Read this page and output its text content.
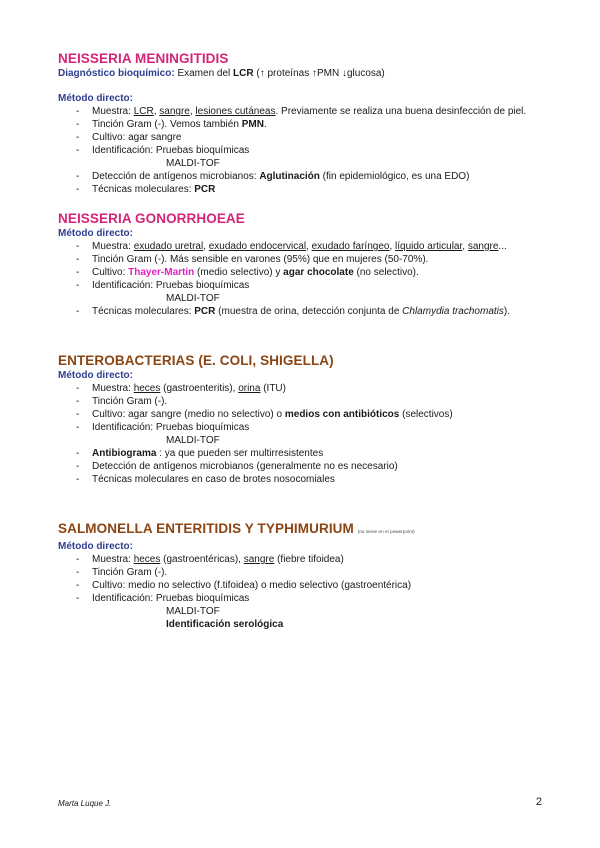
NEISSERIA MENINGITIDIS

Diagnóstico bioquímico: Examen del LCR (↑ proteínas ↑PMN ↓glucosa)

Método directo:

- Muestra: LCR, sangre, lesiones cutáneas. Previamente se realiza una buena desinfección de piel.
- Tinción Gram (-). Vemos también PMN.
- Cultivo: agar sangre
- Identificación: Pruebas bioquímicas
MALDI-TOF
- Detección de antígenos microbianos: Aglutinación (fin epidemiológico, es una EDO)
- Técnicas moleculares: PCR

NEISSERIA GONORRHOEAE

Método directo:

- Muestra: exudado uretral, exudado endocervical, exudado faríngeo, líquido articular, sangre...
- Tinción Gram (-). Más sensible en varones (95%) que en mujeres (50-70%).
- Cultivo: Thayer-Martin (medio selectivo) y agar chocolate (no selectivo).
- Identificación: Pruebas bioquímicas
MALDI-TOF
- Técnicas moleculares: PCR (muestra de orina, detección conjunta de Chlamydia trachomatis).

ENTEROBACTERIAS (E. COLI, SHIGELLA)

Método directo:

- Muestra: heces (gastroenteritis), orina (ITU)
- Tinción Gram (-).
- Cultivo: agar sangre (medio no selectivo) o medios con antibióticos (selectivos)
- Identificación: Pruebas bioquímicas
MALDI-TOF
- Antibiograma : ya que pueden ser multirresistentes
- Detección de antígenos microbianos (generalmente no es necesario)
- Técnicas moleculares en caso de brotes nosocomiales

SALMONELLA ENTERITIDIS Y TYPHIMURIUM (no viene en el powerpoint)

Método directo:

- Muestra: heces (gastroentéricas), sangre (fiebre tifoidea)
- Tinción Gram (-).
- Cultivo: medio no selectivo (f.tifoidea) o medio selectivo (gastroentérica)
- Identificación: Pruebas bioquímicas
MALDI-TOF
Identificación serológica
Marta Luque J.	2
